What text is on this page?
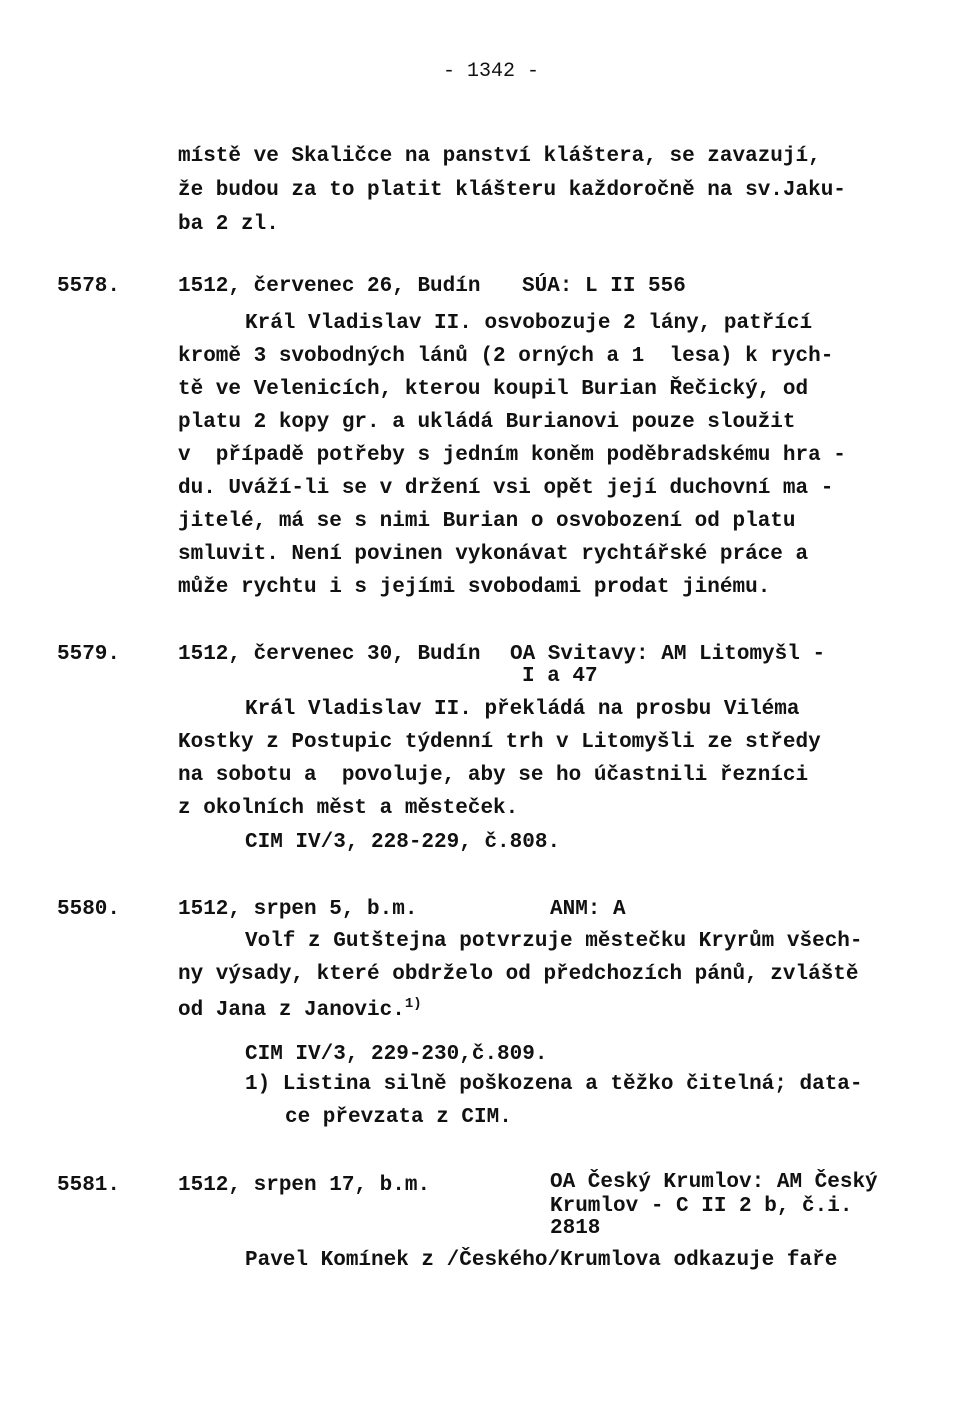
- 1342 -
místě ve Skaličce na panství kláštera, se zavazují,
že budou za to platit klášteru každoročně na sv.Jaku-
ba 2 zl.
5578.	1512, červenec 26, Budín SÚA: L II 556
Král Vladislav II. osvobozuje 2 lány, patřící
kromě 3 svobodných lánů (2 orných a 1  lesa) k rych-
tě ve Velenicích, kterou koupil Burian Řečický, od
platu 2 kopy gr. a ukládá Burianovi pouze sloužit
v  případě potřeby s jedním koněm poděbradskému hra -
du. Uváží-li se v držení vsi opět její duchovní ma -
jitelé, má se s nimi Burian o osvobození od platu
smluvit. Není povinen vykonávat rychtářské práce a
může rychtu i s jejími svobodami prodat jinému.
5579.	1512, červenec 30, Budín OA Svitavy: AM Litomyšl -
I a 47
Král Vladislav II. překládá na prosbu Viléma
Kostky z Postupic týdenní trh v Litomyšli ze středy
na sobotu a  povoluje, aby se ho účastnili řezníci
z okolních měst a městeček.
CIM IV/3, 228-229, č.808.
5580.	1512, srpen 5, b.m.	ANM: A
Volf z Gutštejna potvrzuje městečku Kryrům všech-
ny výsady, které obdrželo od předchozích pánů, zvláště
od Jana z Janovic.$^{1)}$
CIM IV/3, 229-230,č.809.
1) Listina silně poškozena a těžko čitelná; data-
ce převzata z CIM.
5581.	1512, srpen 17, b.m.	OA Český Krumlov: AM Český
Krumlov - C II 2 b, č.i.
2818
Pavel Komínek z /Českého/Krumlova odkazuje faře
